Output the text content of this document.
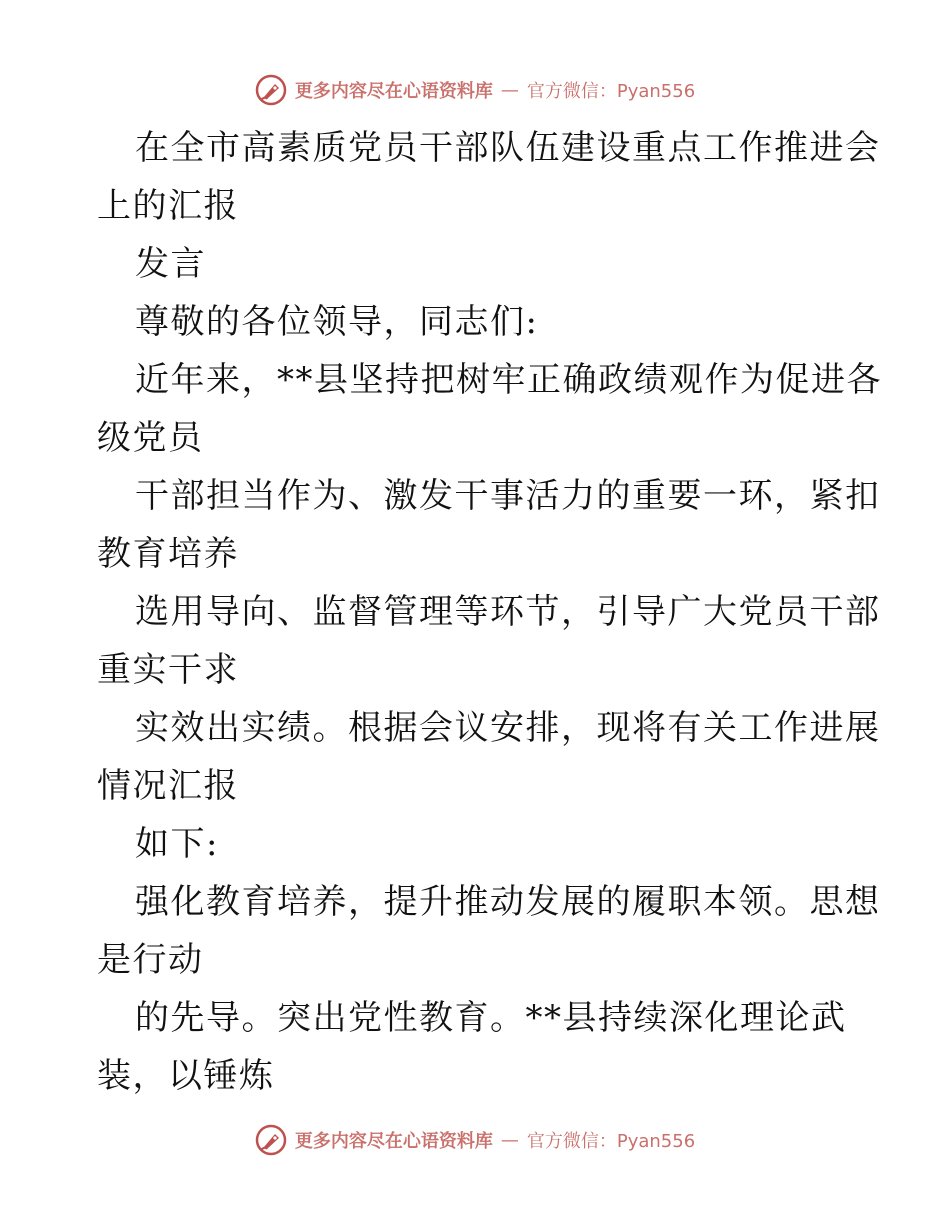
更多内容尽在心语资料库 — 官方微信：Pyan556
在全市高素质党员干部队伍建设重点工作推进会
上的汇报
发言
尊敬的各位领导，同志们:
近年来，**县坚持把树牢正确政绩观作为促进各
级党员
干部担当作为、激发干事活力的重要一环，紧扣
教育培养
选用导向、监督管理等环节，引导广大党员干部
重实干求
实效出实绩。根据会议安排，现将有关工作进展
情况汇报
如下:
强化教育培养，提升推动发展的履职本领。思想
是行动
的先导。突出党性教育。**县持续深化理论武
装，以锤炼
更多内容尽在心语资料库 — 官方微信：Pyan556
